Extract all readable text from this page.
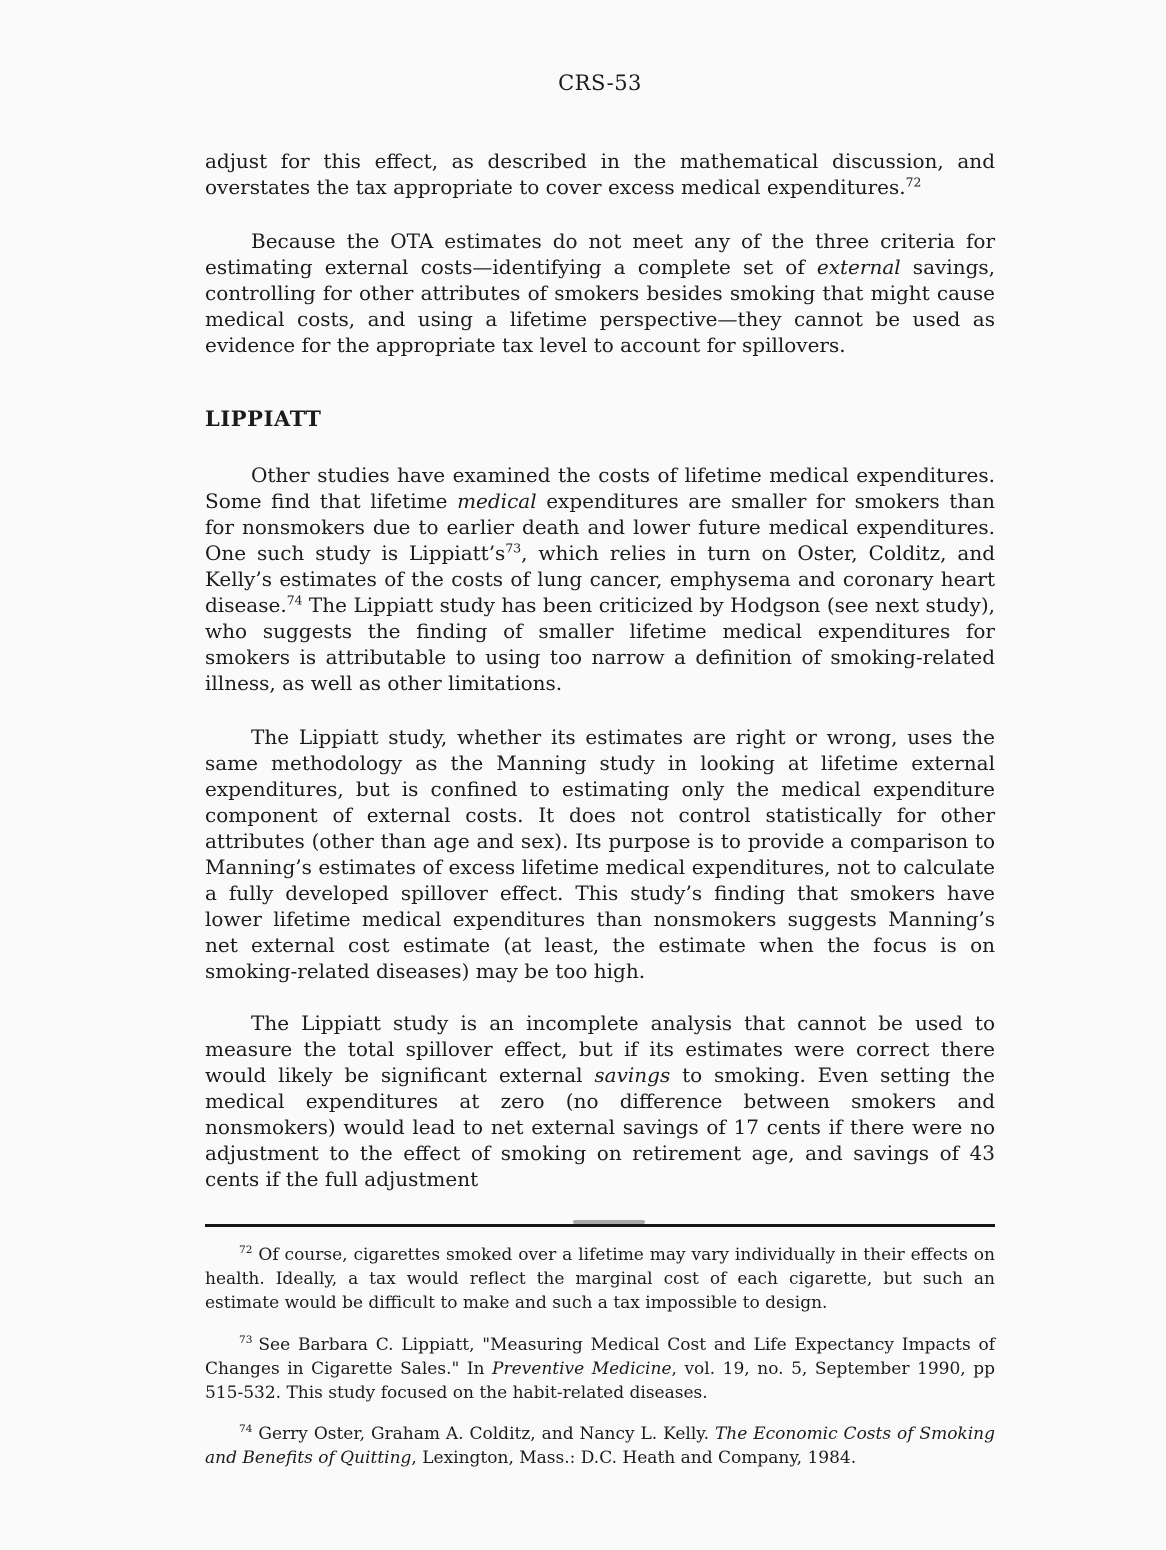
CRS-53

adjust for this effect, as described in the mathematical discussion, and overstates the tax appropriate to cover excess medical expenditures.$^{72}$

Because the OTA estimates do not meet any of the three criteria for estimating external costs—identifying a complete set of external savings, controlling for other attributes of smokers besides smoking that might cause medical costs, and using a lifetime perspective—they cannot be used as evidence for the appropriate tax level to account for spillovers.

LIPPIATT

Other studies have examined the costs of lifetime medical expenditures. Some find that lifetime medical expenditures are smaller for smokers than for nonsmokers due to earlier death and lower future medical expenditures. One such study is $Lippiatt’s^{73}$, which relies in turn on Oster, Colditz, and Kelly’s estimates of the costs of lung cancer, emphysema and coronary heart disease.$^{74}$ The Lippiatt study has been criticized by Hodgson (see next study), who suggests the finding of smaller lifetime medical expenditures for smokers is attributable to using too narrow a definition of smoking-related illness, as well as other limitations.

The Lippiatt study, whether its estimates are right or wrong, uses the same methodology as the Manning study in looking at lifetime external expenditures, but is confined to estimating only the medical expenditure component of external costs. It does not control statistically for other attributes (other than age and sex). Its purpose is to provide a comparison to Manning’s estimates of excess lifetime medical expenditures, not to calculate a fully developed spillover effect. This study’s finding that smokers have lower lifetime medical expenditures than nonsmokers suggests Manning’s net external cost estimate (at least, the estimate when the focus is on smoking-related diseases) may be too high.

The Lippiatt study is an incomplete analysis that cannot be used to measure the total spillover effect, but if its estimates were correct there would likely be significant external savings to smoking. Even setting the medical expenditures at zero (no difference between smokers and nonsmokers) would lead to net external savings of 17 cents if there were no adjustment to the effect of smoking on retirement age, and savings of 43 cents if the full adjustment

$^{72}$ Of course, cigarettes smoked over a lifetime may vary individually in their effects on health. Ideally, a tax would reflect the marginal cost of each cigarette, but such an estimate would be difficult to make and such a tax impossible to design.

$^{73}$ See Barbara C. Lippiatt, "Measuring Medical Cost and Life Expectancy Impacts of Changes in Cigarette Sales." In Preventive Medicine, vol. 19, no. 5, September 1990, pp 515-532. This study focused on the habit-related diseases.

$^{74}$ Gerry Oster, Graham A. Colditz, and Nancy L. Kelly. The Economic Costs of Smoking and Benefits of Quitting, Lexington, Mass.: D.C. Heath and Company, 1984.
